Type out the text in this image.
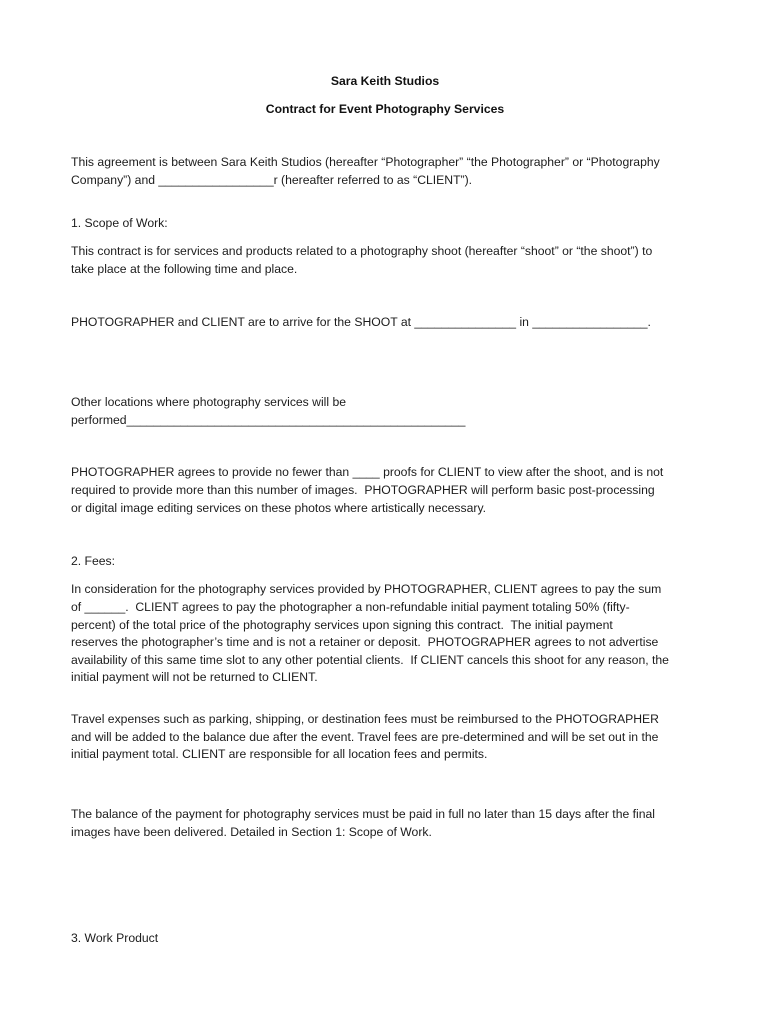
Sara Keith Studios
Contract for Event Photography Services
This agreement is between Sara Keith Studios (hereafter “Photographer” “the Photographer” or “Photography
Company”) and _________________r (hereafter referred to as “CLIENT”).
1. Scope of Work:
This contract is for services and products related to a photography shoot (hereafter “shoot” or “the shoot”) to
take place at the following time and place.
PHOTOGRAPHER and CLIENT are to arrive for the SHOOT at _______________ in _________________.
Other locations where photography services will be
performed__________________________________________________
PHOTOGRAPHER agrees to provide no fewer than ____ proofs for CLIENT to view after the shoot, and is not
required to provide more than this number of images.  PHOTOGRAPHER will perform basic post-processing
or digital image editing services on these photos where artistically necessary.
2. Fees:
In consideration for the photography services provided by PHOTOGRAPHER, CLIENT agrees to pay the sum
of ______.  CLIENT agrees to pay the photographer a non-refundable initial payment totaling 50% (fifty-
percent) of the total price of the photography services upon signing this contract.  The initial payment
reserves the photographer’s time and is not a retainer or deposit.  PHOTOGRAPHER agrees to not advertise
availability of this same time slot to any other potential clients.  If CLIENT cancels this shoot for any reason, the
initial payment will not be returned to CLIENT.
Travel expenses such as parking, shipping, or destination fees must be reimbursed to the PHOTOGRAPHER
and will be added to the balance due after the event. Travel fees are pre-determined and will be set out in the
initial payment total. CLIENT are responsible for all location fees and permits.
The balance of the payment for photography services must be paid in full no later than 15 days after the final
images have been delivered. Detailed in Section 1: Scope of Work.
3. Work Product
